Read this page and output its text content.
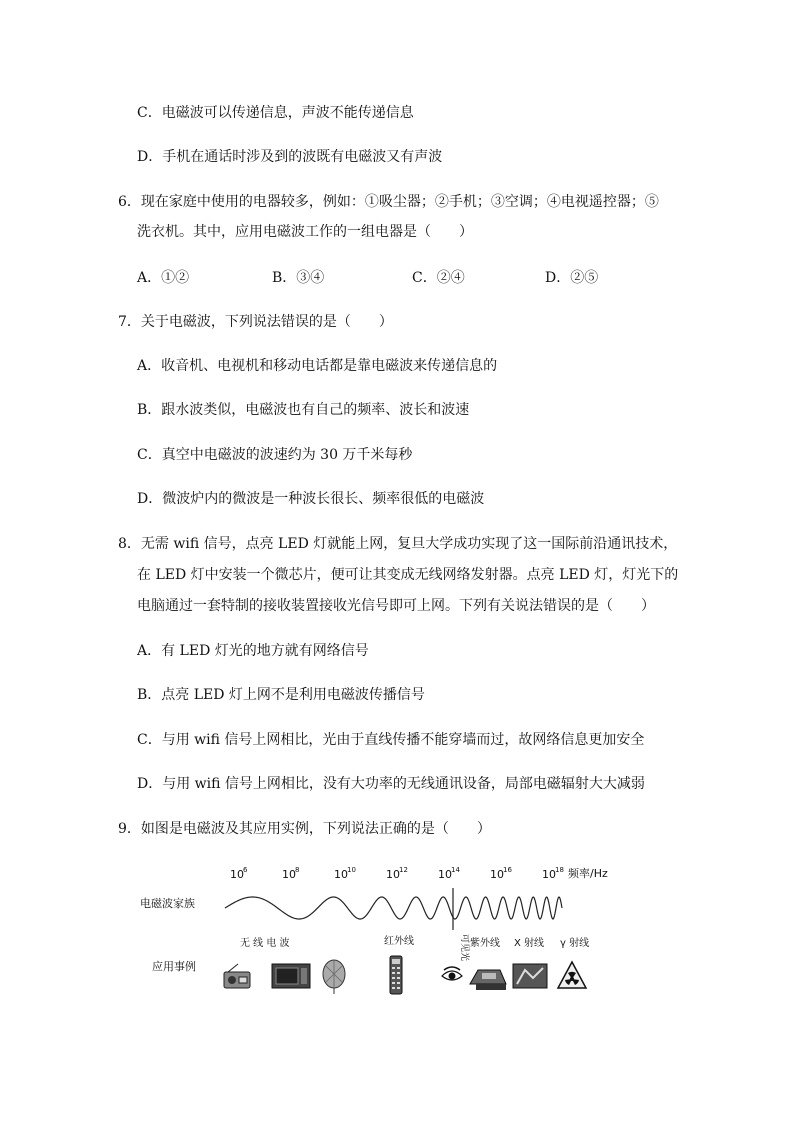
C．电磁波可以传递信息，声波不能传递信息
D．手机在通话时涉及到的波既有电磁波又有声波
6．现在家庭中使用的电器较多，例如：①吸尘器；②手机；③空调；④电视遥控器；⑤
洗衣机。其中，应用电磁波工作的一组电器是（　　）
A．①②	B．③④	C．②④	D．②⑤
7．关于电磁波，下列说法错误的是（　　）
A．收音机、电视机和移动电话都是靠电磁波来传递信息的
B．跟水波类似，电磁波也有自己的频率、波长和波速
C．真空中电磁波的波速约为 30 万千米每秒
D．微波炉内的微波是一种波长很长、频率很低的电磁波
8．无需 wifi 信号，点亮 LED 灯就能上网，复旦大学成功实现了这一国际前沿通讯技术，
在 LED 灯中安装一个微芯片，便可让其变成无线网络发射器。点亮 LED 灯，灯光下的
电脑通过一套特制的接收装置接收光信号即可上网。下列有关说法错误的是（　　）
A．有 LED 灯光的地方就有网络信号
B．点亮 LED 灯上网不是利用电磁波传播信号
C．与用 wifi 信号上网相比，光由于直线传播不能穿墙而过，故网络信息更加安全
D．与用 wifi 信号上网相比，没有大功率的无线通讯设备，局部电磁辐射大大减弱
9．如图是电磁波及其应用实例，下列说法正确的是（　　）
10 6	10 8	10 10	10 12	10 14	10 16	10 18 频率/Hz
电磁波家族
无 线 电 波	红外线	可见光 紫外线 X 射线 γ 射线
应用事例
